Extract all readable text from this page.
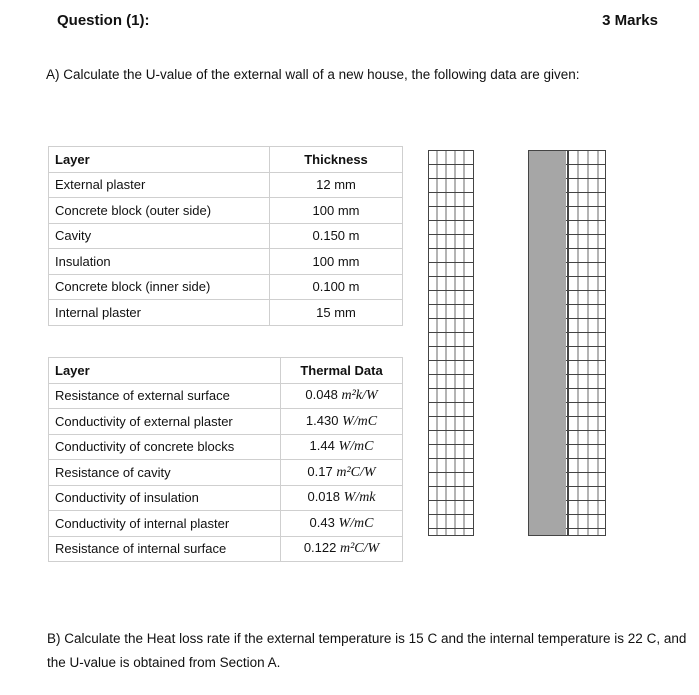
Question (1):	3 Marks
A) Calculate the U-value of the external wall of a new house, the following data are given:
Layer	Thickness
External plaster	12 mm
Concrete block (outer side)	100 mm
Cavity	0.150 m
Insulation	100 mm
Concrete block (inner side)	0.100 m
Internal plaster	15 mm
Layer	Thermal Data
Resistance of external surface	0.048 m²k/W
Conductivity of external plaster	1.430 W/mC
Conductivity of concrete blocks	1.44 W/mC
Resistance of cavity	0.17 m²C/W
Conductivity of insulation	0.018 W/mk
Conductivity of internal plaster	0.43 W/mC
Resistance of internal surface	0.122 m²C/W
B) Calculate the Heat loss rate if the external temperature is 15 C and the internal temperature is 22 C, and the U-value is obtained from Section A.
